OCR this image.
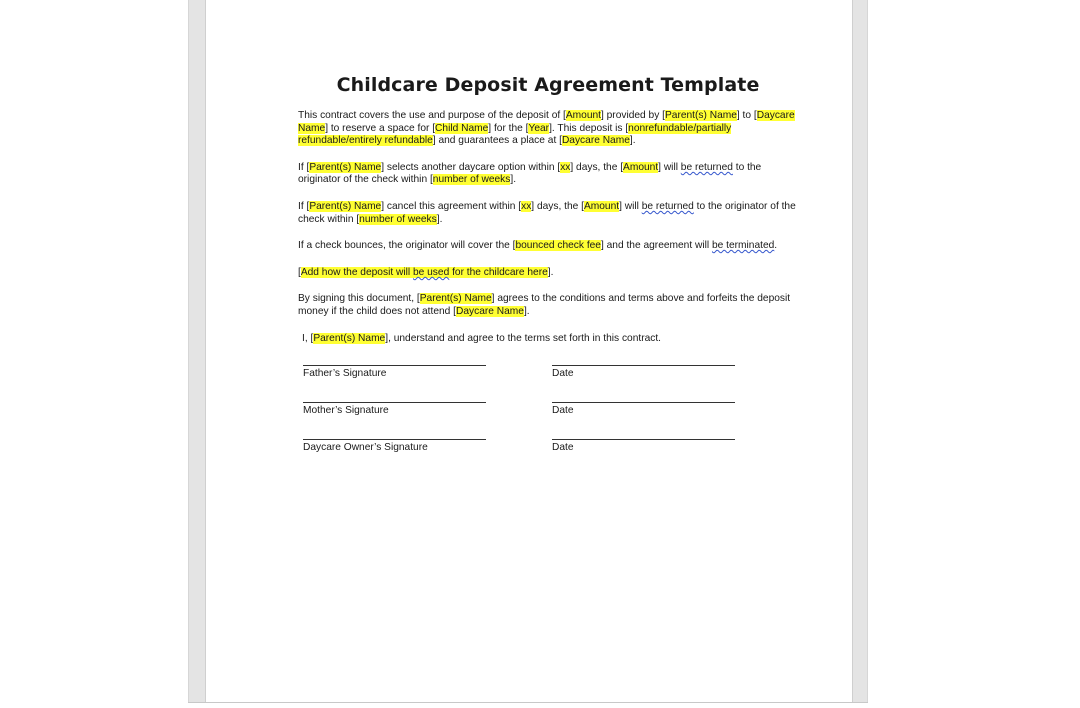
Childcare Deposit Agreement Template

This contract covers the use and purpose of the deposit of [Amount] provided by [Parent(s) Name] to [Daycare Name] to reserve a space for [Child Name] for the [Year]. This deposit is [nonrefundable/partially refundable/entirely refundable] and guarantees a place at [Daycare Name].

If [Parent(s) Name] selects another daycare option within [xx] days, the [Amount] will be returned to the originator of the check within [number of weeks].

If [Parent(s) Name] cancel this agreement within [xx] days, the [Amount] will be returned to the originator of the check within [number of weeks].

If a check bounces, the originator will cover the [bounced check fee] and the agreement will be terminated.

[Add how the deposit will be used for the childcare here].

By signing this document, [Parent(s) Name] agrees to the conditions and terms above and forfeits the deposit money if the child does not attend [Daycare Name].

I, [Parent(s) Name], understand and agree to the terms set forth in this contract.

Father’s Signature	Date
Mother’s Signature	Date
Daycare Owner’s Signature	Date
